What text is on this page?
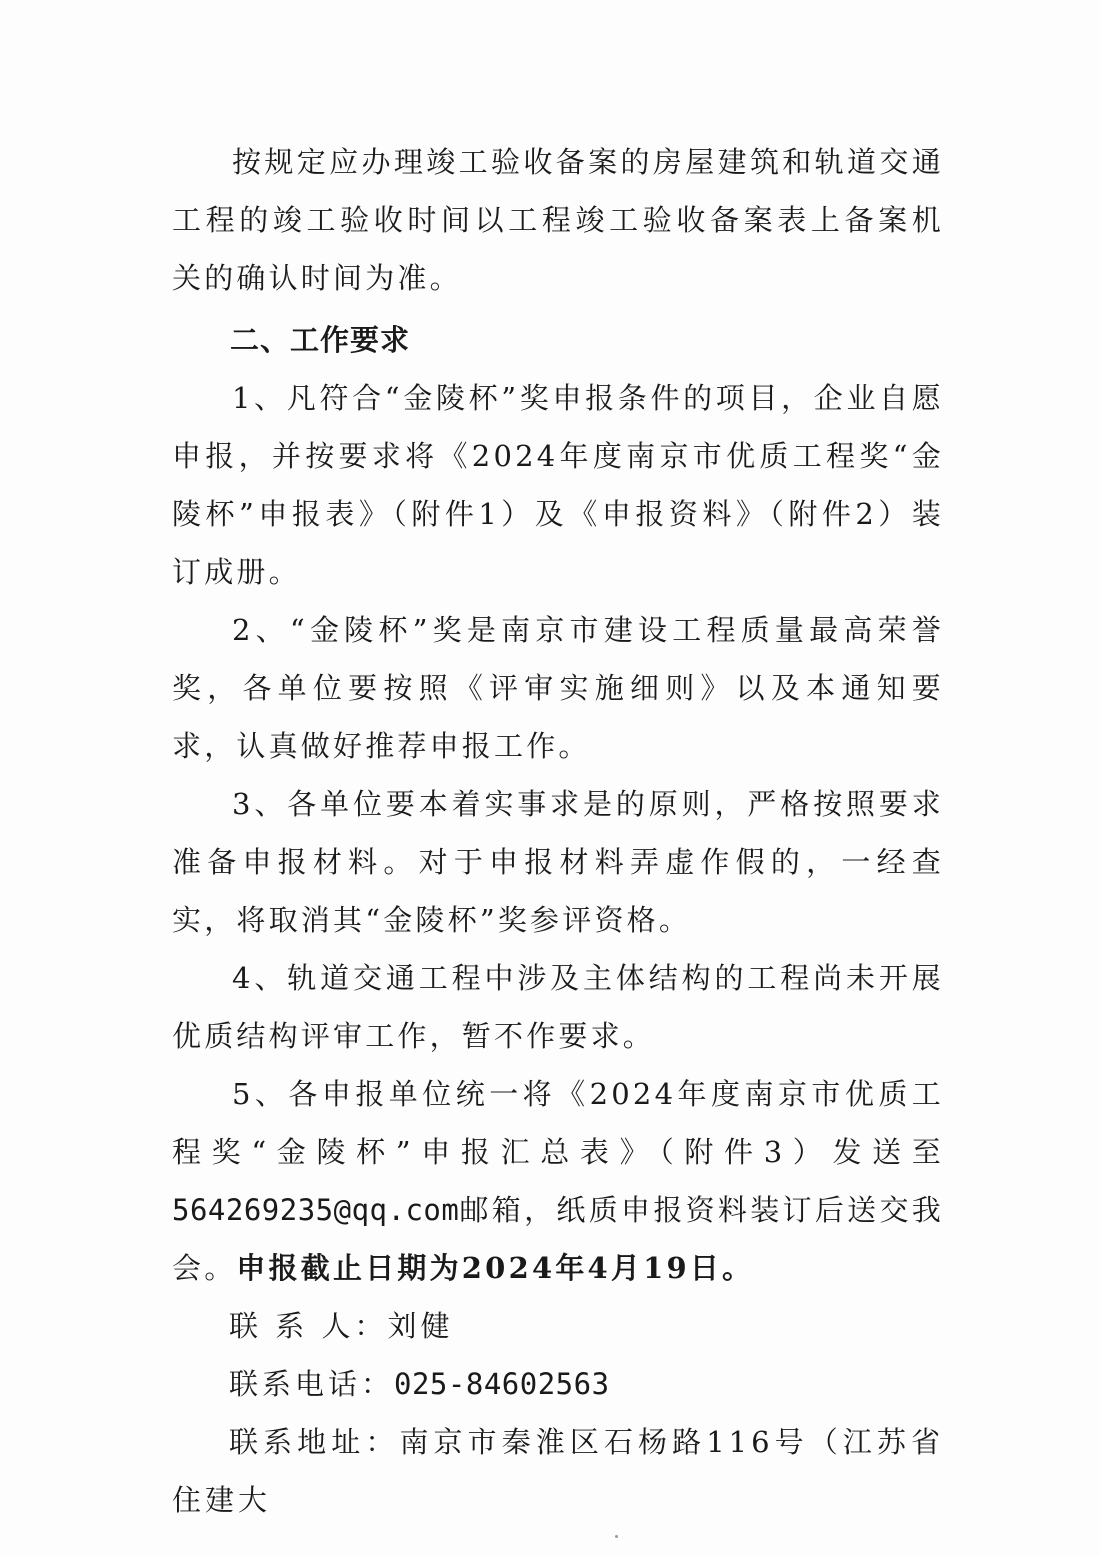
按规定应办理竣工验收备案的房屋建筑和轨道交通工程的竣工验收时间以工程竣工验收备案表上备案机关的确认时间为准。

二、工作要求

1、凡符合“金陵杯”奖申报条件的项目，企业自愿申报，并按要求将《2024年度南京市优质工程奖“金陵杯”申报表》（附件1）及《申报资料》（附件2）装订成册。

2、“金陵杯”奖是南京市建设工程质量最高荣誉奖，各单位要按照《评审实施细则》以及本通知要求，认真做好推荐申报工作。

3、各单位要本着实事求是的原则，严格按照要求准备申报材料。对于申报材料弄虚作假的，一经查实，将取消其“金陵杯”奖参评资格。

4、轨道交通工程中涉及主体结构的工程尚未开展优质结构评审工作，暂不作要求。

5、各申报单位统一将《2024年度南京市优质工程奖“金陵杯”申报汇总表》（附件3）发送至564269235@qq.com邮箱，纸质申报资料装订后送交我会。申报截止日期为2024年4月19日。

联 系 人：刘健

联系电话：025-84602563

联系地址：南京市秦淮区石杨路116号（江苏省住建大
